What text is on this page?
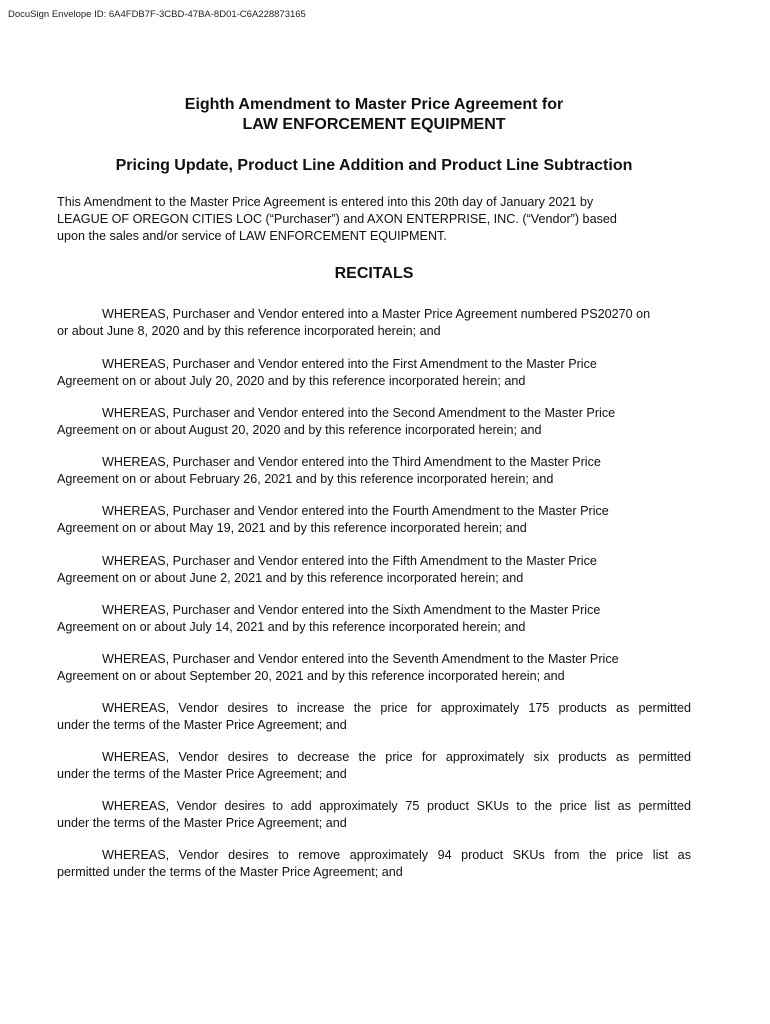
DocuSign Envelope ID: 6A4FDB7F-3CBD-47BA-8D01-C6A228873165
Eighth Amendment to Master Price Agreement for
LAW ENFORCEMENT EQUIPMENT
Pricing Update, Product Line Addition and Product Line Subtraction
This Amendment to the Master Price Agreement is entered into this 20th day of January 2021 by
LEAGUE OF OREGON CITIES LOC (“Purchaser”) and AXON ENTERPRISE, INC. (“Vendor”) based
upon the sales and/or service of LAW ENFORCEMENT EQUIPMENT.
RECITALS
WHEREAS, Purchaser and Vendor entered into a Master Price Agreement numbered PS20270 on
or about June 8, 2020 and by this reference incorporated herein; and
WHEREAS, Purchaser and Vendor entered into the First Amendment to the Master Price
Agreement on or about July 20, 2020 and by this reference incorporated herein; and
WHEREAS, Purchaser and Vendor entered into the Second Amendment to the Master Price
Agreement on or about August 20, 2020 and by this reference incorporated herein; and
WHEREAS, Purchaser and Vendor entered into the Third Amendment to the Master Price
Agreement on or about February 26, 2021 and by this reference incorporated herein; and
WHEREAS, Purchaser and Vendor entered into the Fourth Amendment to the Master Price
Agreement on or about May 19, 2021 and by this reference incorporated herein; and
WHEREAS, Purchaser and Vendor entered into the Fifth Amendment to the Master Price
Agreement on or about June 2, 2021 and by this reference incorporated herein; and
WHEREAS, Purchaser and Vendor entered into the Sixth Amendment to the Master Price
Agreement on or about July 14, 2021 and by this reference incorporated herein; and
WHEREAS, Purchaser and Vendor entered into the Seventh Amendment to the Master Price
Agreement on or about September 20, 2021 and by this reference incorporated herein; and
WHEREAS, Vendor desires to increase the price for approximately 175 products as permitted
under the terms of the Master Price Agreement; and
WHEREAS, Vendor desires to decrease the price for approximately six products as permitted
under the terms of the Master Price Agreement; and
WHEREAS, Vendor desires to add approximately 75 product SKUs to the price list as permitted
under the terms of the Master Price Agreement; and
WHEREAS, Vendor desires to remove approximately 94 product SKUs from the price list as
permitted under the terms of the Master Price Agreement; and
